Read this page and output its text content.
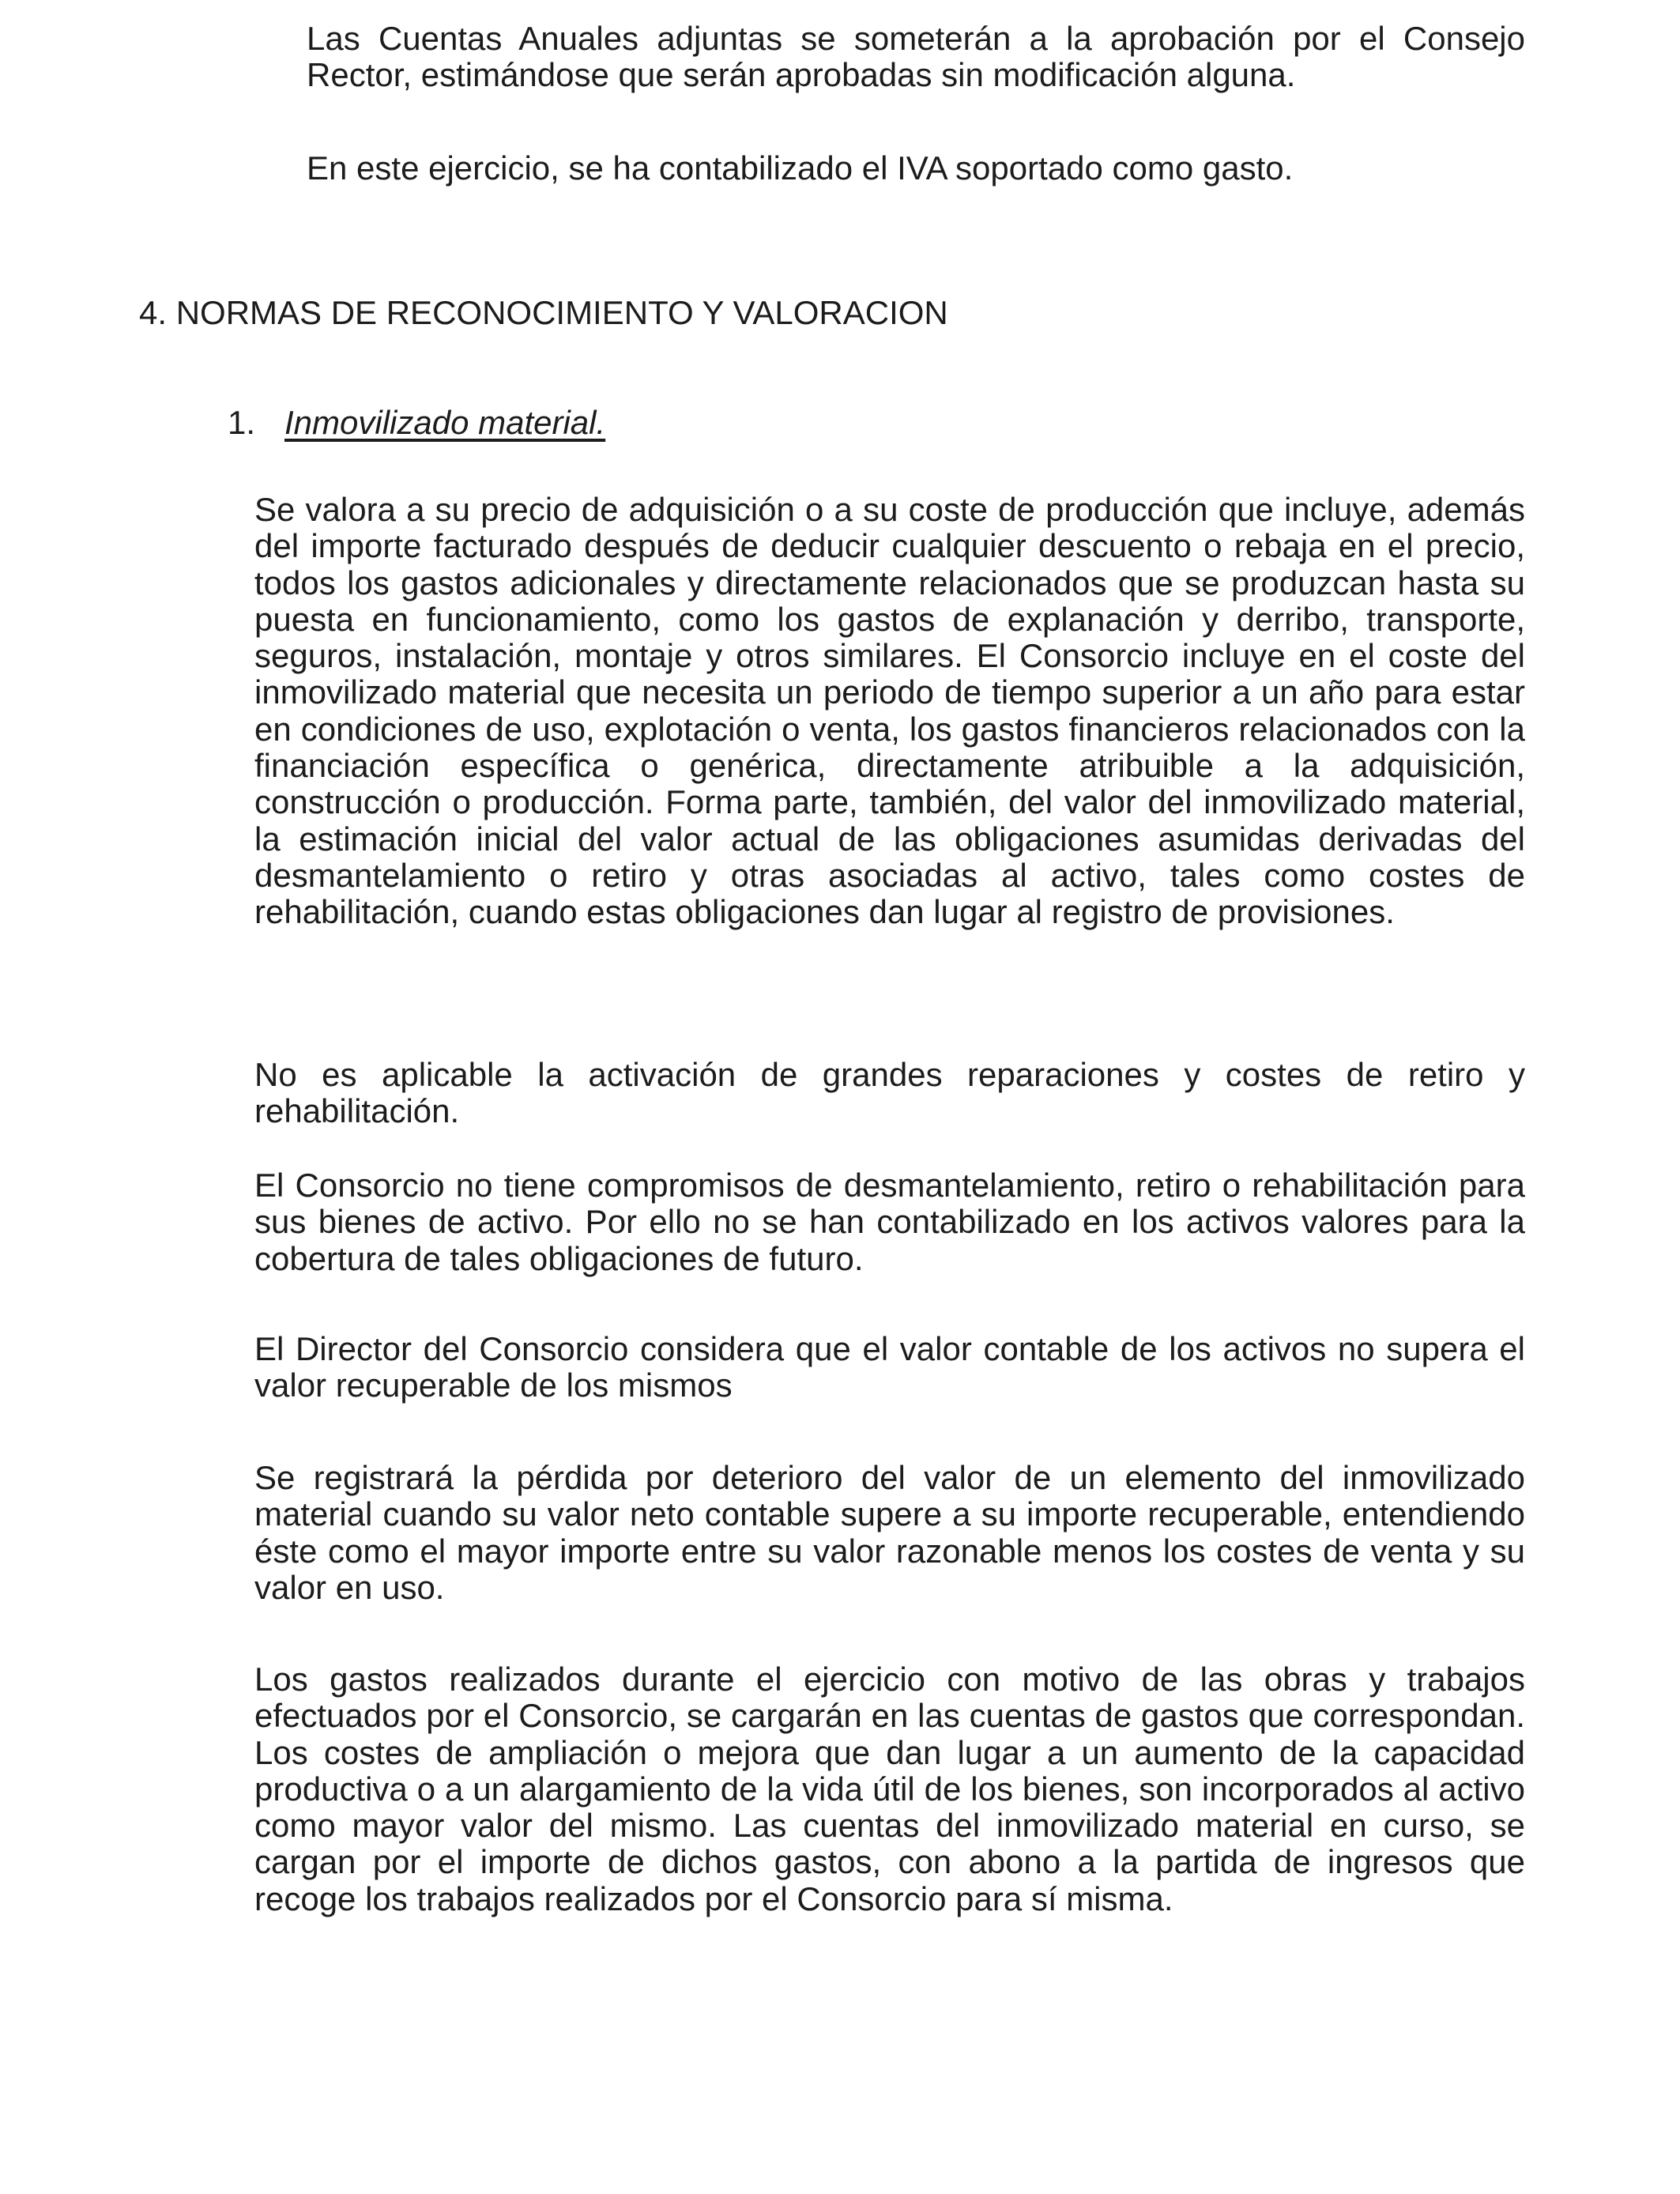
Las Cuentas Anuales adjuntas se someterán a la aprobación por el Consejo Rector, estimándose que serán aprobadas sin modificación alguna.

En este ejercicio, se ha contabilizado el IVA soportado como gasto.

4. NORMAS DE RECONOCIMIENTO Y VALORACION
1. Inmovilizado material.

Se valora a su precio de adquisición o a su coste de producción que incluye, además del importe facturado después de deducir cualquier descuento o rebaja en el precio, todos los gastos adicionales y directamente relacionados que se produzcan hasta su puesta en funcionamiento, como los gastos de explanación y derribo, transporte, seguros, instalación, montaje y otros similares. El Consorcio incluye en el coste del inmovilizado material que necesita un periodo de tiempo superior a un año para estar en condiciones de uso, explotación o venta, los gastos financieros relacionados con la financiación específica o genérica, directamente atribuible a la adquisición, construcción o producción. Forma parte, también, del valor del inmovilizado material, la estimación inicial del valor actual de las obligaciones asumidas derivadas del desmantelamiento o retiro y otras asociadas al activo, tales como costes de rehabilitación, cuando estas obligaciones dan lugar al registro de provisiones.

No es aplicable la activación de grandes reparaciones y costes de retiro y rehabilitación.

El Consorcio no tiene compromisos de desmantelamiento, retiro o rehabilitación para sus bienes de activo. Por ello no se han contabilizado en los activos valores para la cobertura de tales obligaciones de futuro.

El Director del Consorcio considera que el valor contable de los activos no supera el valor recuperable de los mismos

Se registrará la pérdida por deterioro del valor de un elemento del inmovilizado material cuando su valor neto contable supere a su importe recuperable, entendiendo éste como el mayor importe entre su valor razonable menos los costes de venta y su valor en uso.

Los gastos realizados durante el ejercicio con motivo de las obras y trabajos efectuados por el Consorcio, se cargarán en las cuentas de gastos que correspondan. Los costes de ampliación o mejora que dan lugar a un aumento de la capacidad productiva o a un alargamiento de la vida útil de los bienes, son incorporados al activo como mayor valor del mismo. Las cuentas del inmovilizado material en curso, se cargan por el importe de dichos gastos, con abono a la partida de ingresos que recoge los trabajos realizados por el Consorcio para sí misma.
